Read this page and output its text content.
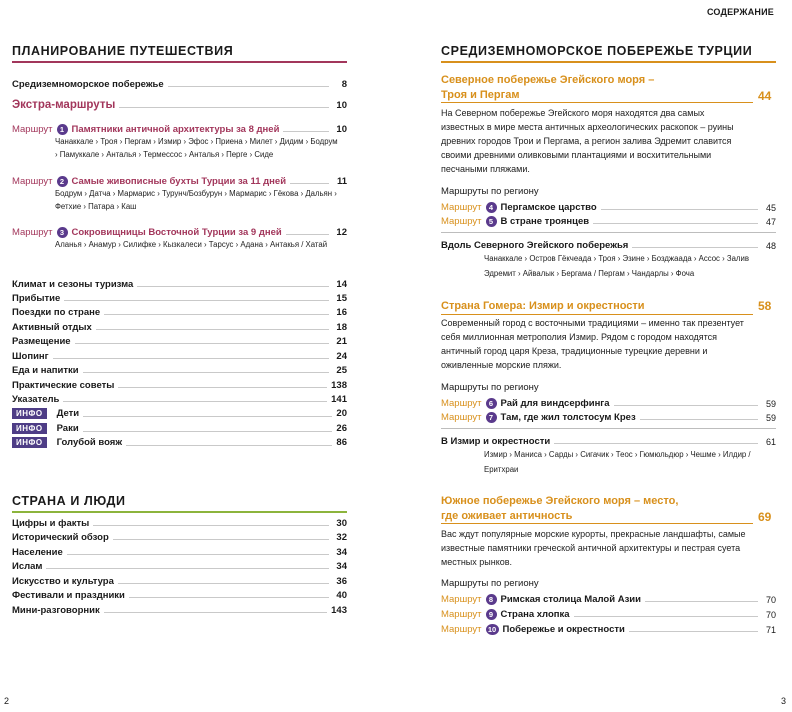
ПЛАНИРОВАНИЕ ПУТЕШЕСТВИЯ
Средиземноморское побережье	8
Экстра-маршруты	10
Маршрут 1 Памятники античной архитектуры за 8 дней	10
Чанаккале › Троя › Пергам › Измир › Эфос › Приена › Милет › Дидим › Бодрум › Памуккале › Анталья › Термессос › Анталья › Перге › Сиде
Маршрут 2 Самые живописные бухты Турции за 11 дней	11
Бодрум › Датча › Мармарис › Турунч/Бозбурун › Мармарис › Гёкова › Дальян › Фетхие › Патара › Каш
Маршрут 3 Сокровищницы Восточной Турции за 9 дней	12
Аланья › Анамур › Силифке › Кызкалеси › Тарсус › Адана › Антакья / Хатай
Климат и сезоны туризма	14
Прибытие	15
Поездки по стране	16
Активный отдых	18
Размещение	21
Шопинг	24
Еда и напитки	25
Практические советы	138
Указатель	141
ИНФО	Дети	20
ИНФО	Раки	26
ИНФО	Голубой вояж	86
СТРАНА И ЛЮДИ
Цифры и факты	30
Исторический обзор	32
Население	34
Ислам	34
Искусство и культура	36
Фестивали и праздники	40
Мини-разговорник	143
2
СОДЕРЖАНИЕ
3
СРЕДИЗЕМНОМОРСКОЕ ПОБЕРЕЖЬЕ ТУРЦИИ
Северное побережье Эгейского моря –
Троя и Пергам	44
На Северном побережье Эгейского моря находятся два самых известных в мире места античных археологических раскопок – руины древних городов Трои и Пергама, а регион залива Эдремит славится своими древними оливковыми плантациями и восхитительными песчаными пляжами.
Маршруты по региону
Маршрут 4 Пергамское царство	45
Маршрут 5 В стране троянцев	47
Вдоль Северного Эгейского побережья	48
Чанаккале › Остров Гёкчеада › Троя › Эзине › Бозджаада › Ассос › Залив Эдремит › Айвалык › Бергама / Пергам › Чандарлы › Фоча
Страна Гомера: Измир и окрестности	58
Современный город с восточными традициями – именно так презентует себя миллионная метрополия Измир. Рядом с городом находятся античный город царя Креза, традиционные турецкие деревни и оживленные морские пляжи.
Маршруты по региону
Маршрут 6 Рай для виндсерфинга	59
Маршрут 7 Там, где жил толстосум Крез	59
В Измир и окрестности	61
Измир › Маниса › Сарды › Сигачик › Теос › Гюмюльдюр › Чешме › Илдир / Eритхраи
Южное побережье Эгейского моря – место,
где оживает античность	69
Вас ждут популярные морские курорты, прекрасные ландшафты, самые известные памятники греческой античной архитектуры и пестрая суета местных рынков.
Маршруты по региону
Маршрут 8 Римская столица Малой Азии	70
Маршрут 9 Страна хлопка	70
Маршрут 10 Побережье и окрестности	71
